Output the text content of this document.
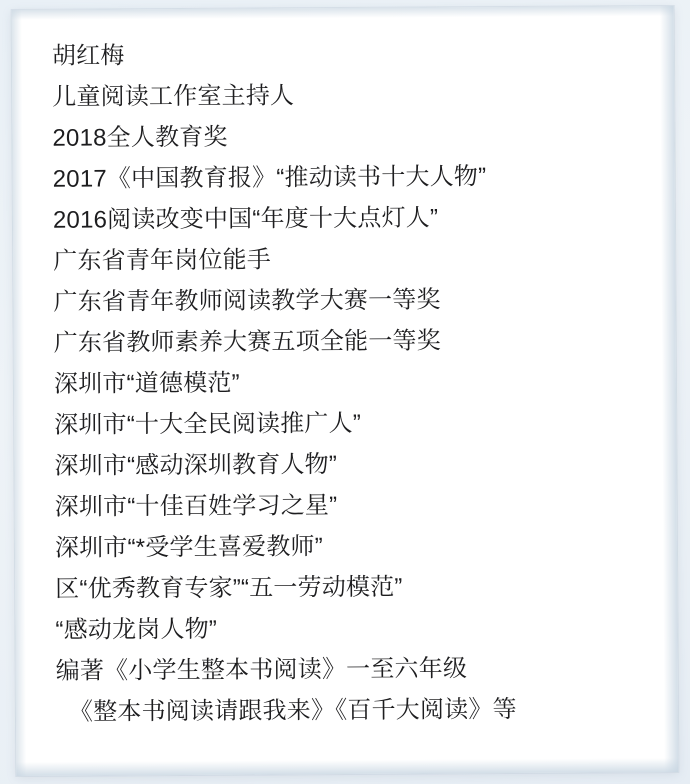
胡红梅
儿童阅读工作室主持人
2018全人教育奖
2017《中国教育报》“推动读书十大人物”
2016阅读改变中国“年度十大点灯人”
广东省青年岗位能手
广东省青年教师阅读教学大赛一等奖
广东省教师素养大赛五项全能一等奖
深圳市“道德模范”
深圳市“十大全民阅读推广人”
深圳市“感动深圳教育人物”
深圳市“十佳百姓学习之星”
深圳市“*受学生喜爱教师”
区“优秀教育专家”“五一劳动模范”
“感动龙岗人物”
编著《小学生整本书阅读》一至六年级
《整本书阅读请跟我来》《百千大阅读》等
